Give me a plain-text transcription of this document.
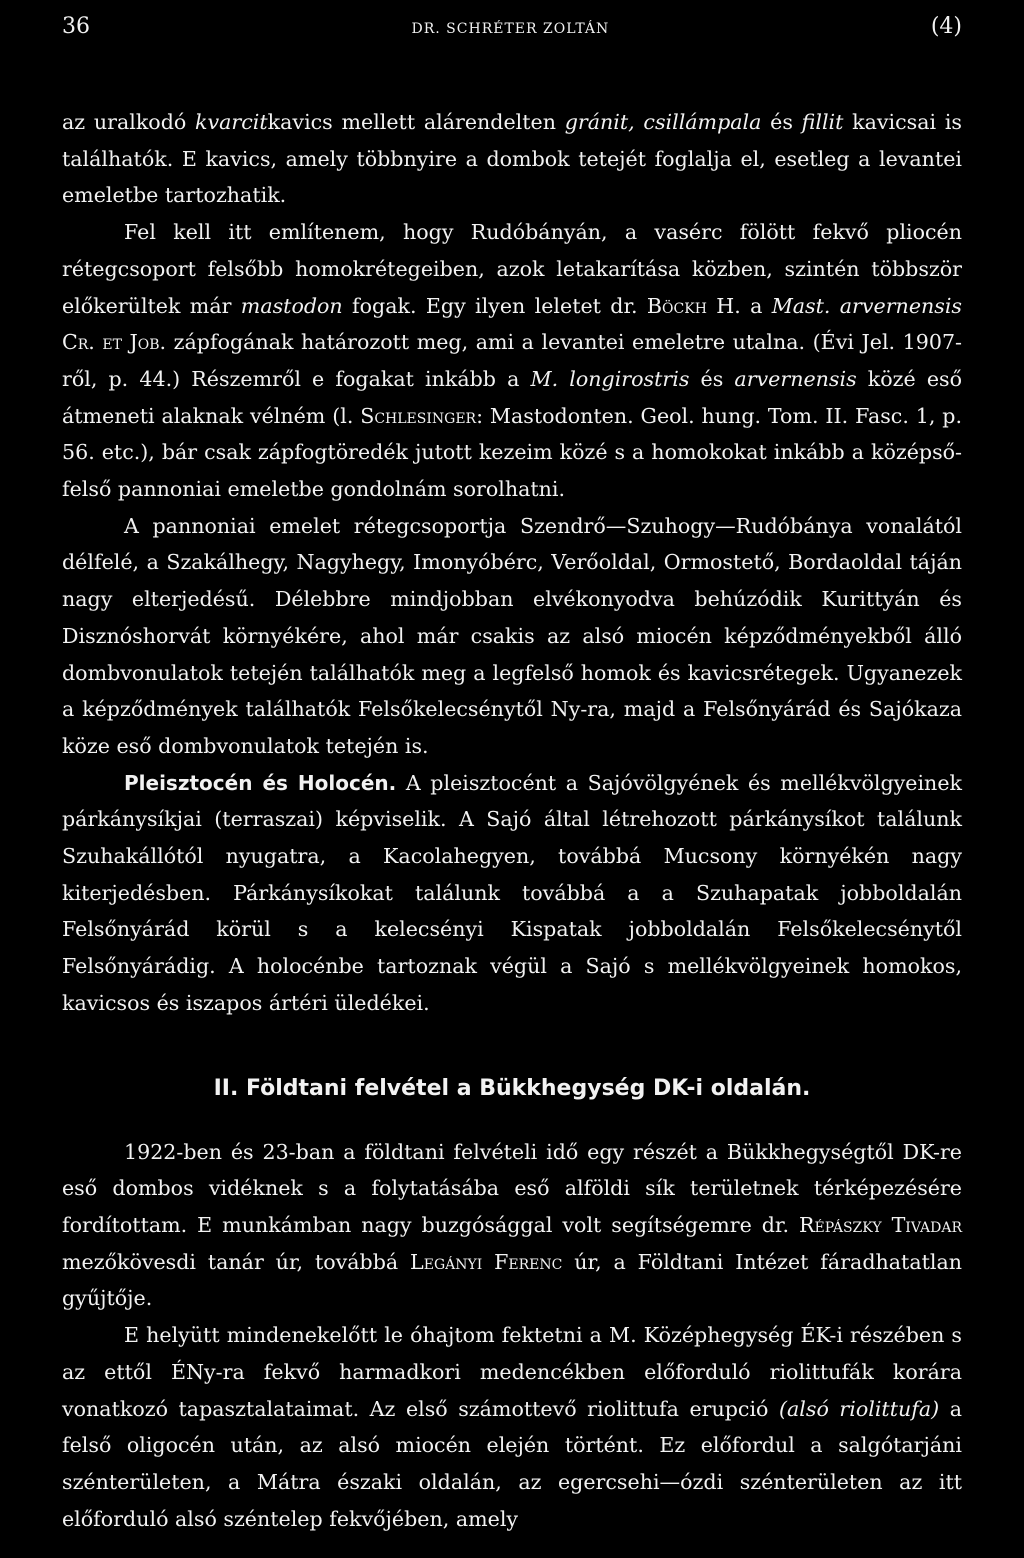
36	DR. SCHRÉTER ZOLTÁN	(4)

az uralkodó kvarcitkavics mellett alárendelten gránit, csillámpala és fillit kavicsai is találhatók. E kavics, amely többnyire a dombok tetejét foglalja el, esetleg a levantei emeletbe tartozhatik.

Fel kell itt említenem, hogy Rudóbányán, a vasérc fölött fekvő pliocén rétegcsoport felsőbb homokrétegeiben, azok letakarítása közben, szintén többször előkerültek már mastodon fogak. Egy ilyen leletet dr. Böckh H. a Mast. arvernensis Cr. et Job. zápfogának határozott meg, ami a levantei emeletre utalna. (Évi Jel. 1907-ről, p. 44.) Részemről e fogakat inkább a M. longirostris és arvernensis közé eső átmeneti alaknak vélném (l. Schlesinger: Mastodonten. Geol. hung. Tom. II. Fasc. 1, p. 56. etc.), bár csak zápfogtöredék jutott kezeim közé s a homokokat inkább a középső-felső pannoniai emeletbe gondolnám sorolhatni.

A pannoniai emelet rétegcsoportja Szendrő—Szuhogy—Rudóbánya vonalától délfelé, a Szakálhegy, Nagyhegy, Imonyóbérc, Verőoldal, Ormostető, Bordaoldal táján nagy elterjedésű. Délebbre mindjobban elvékonyodva behúzódik Kurittyán és Disznóshorvát környékére, ahol már csakis az alsó miocén képződményekből álló dombvonulatok tetején találhatók meg a legfelső homok és kavicsrétegek. Ugyanezek a képződmények találhatók Felsőkelecsénytől Ny-ra, majd a Felsőnyárád és Sajókaza köze eső dombvonulatok tetején is.

Pleisztocén és Holocén. A pleisztocént a Sajóvölgyének és mellékvölgyeinek párkánysíkjai (terraszai) képviselik. A Sajó által létrehozott párkánysíkot találunk Szuhakállótól nyugatra, a Kacolahegyen, továbbá Mucsony környékén nagy kiterjedésben. Párkánysíkokat találunk továbbá a a Szuhapatak jobboldalán Felsőnyárád körül s a kelecsényi Kispatak jobboldalán Felsőkelecsénytől Felsőnyárádig. A holocénbe tartoznak végül a Sajó s mellékvölgyeinek homokos, kavicsos és iszapos ártéri üledékei.

II. Földtani felvétel a Bükkhegység DK-i oldalán.

1922-ben és 23-ban a földtani felvételi idő egy részét a Bükkhegységtől DK-re eső dombos vidéknek s a folytatásába eső alföldi sík területnek térképezésére fordítottam. E munkámban nagy buzgósággal volt segítségemre dr. Répászky Tivadar mezőkövesdi tanár úr, továbbá Legányi Ferenc úr, a Földtani Intézet fáradhatatlan gyűjtője.

E helyütt mindenekelőtt le óhajtom fektetni a M. Középhegység ÉK-i részében s az ettől ÉNy-ra fekvő harmadkori medencékben előforduló riolittufák korára vonatkozó tapasztalataimat. Az első számottevő riolittufa erupció (alsó riolittufa) a felső oligocén után, az alsó miocén elején történt. Ez előfordul a salgótarjáni szénterületen, a Mátra északi oldalán, az egercsehi—ózdi szénterületen az itt előforduló alsó széntelep fekvőjében, amely
